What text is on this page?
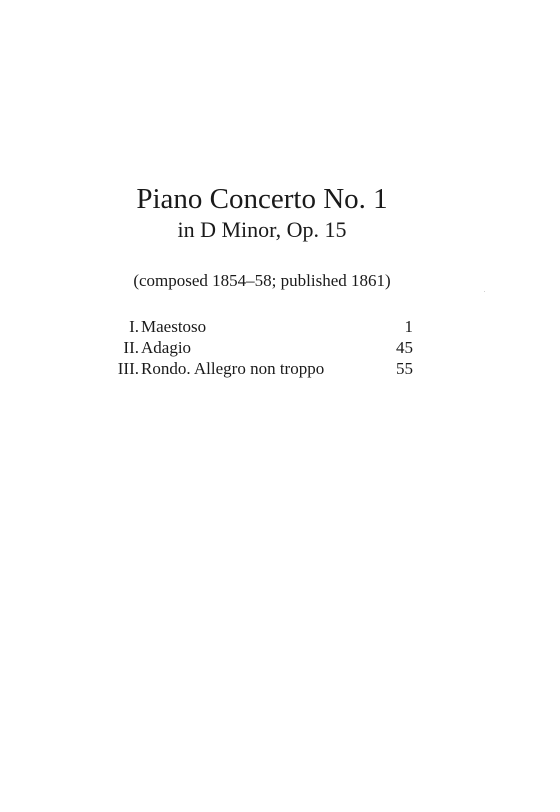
Piano Concerto No. 1
in D Minor, Op. 15

(composed 1854–58; published 1861)

I. Maestoso	1
II. Adagio	45
III. Rondo. Allegro non troppo	55
